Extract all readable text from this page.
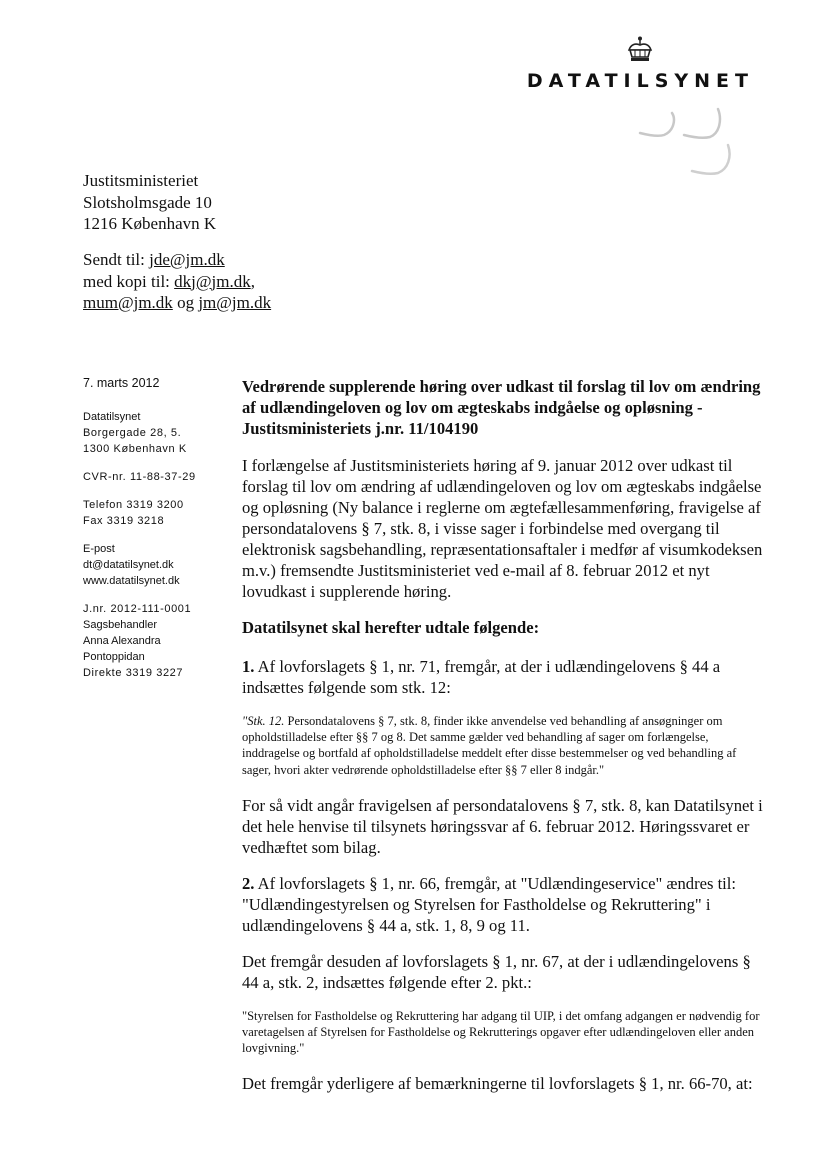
DATATILSYNET
Justitsministeriet
Slotsholmsgade 10
1216 København K
Sendt til: jde@jm.dk
med kopi til: dkj@jm.dk,
mum@jm.dk og jm@jm.dk
7. marts 2012
Datatilsynet
Borgergade 28, 5.
1300 København K
CVR-nr. 11-88-37-29
Telefon 3319 3200
Fax 3319 3218
E-post
dt@datatilsynet.dk
www.datatilsynet.dk
J.nr. 2012-111-0001
Sagsbehandler
Anna Alexandra
Pontoppidan
Direkte 3319 3227

Vedrørende supplerende høring over udkast til forslag til lov om ændring af udlændingeloven og lov om ægteskabs indgåelse og opløsning - Justitsministeriets j.nr. 11/104190

I forlængelse af Justitsministeriets høring af 9. januar 2012 over udkast til forslag til lov om ændring af udlændingeloven og lov om ægteskabs indgåelse og opløsning (Ny balance i reglerne om ægtefællesammenføring, fravigelse af persondatalovens § 7, stk. 8, i visse sager i forbindelse med overgang til elektronisk sagsbehandling, repræsentationsaftaler i medfør af visumkodeksen m.v.) fremsendte Justitsministeriet ved e-mail af 8. februar 2012 et nyt lovudkast i supplerende høring.

Datatilsynet skal herefter udtale følgende:

1. Af lovforslagets § 1, nr. 71, fremgår, at der i udlændingelovens § 44 a indsættes følgende som stk. 12:

"Stk. 12. Persondatalovens § 7, stk. 8, finder ikke anvendelse ved behandling af ansøgninger om opholdstilladelse efter §§ 7 og 8. Det samme gælder ved behandling af sager om forlængelse, inddragelse og bortfald af opholdstilladelse meddelt efter disse bestemmelser og ved behandling af sager, hvori akter vedrørende opholdstilladelse efter §§ 7 eller 8 indgår."

For så vidt angår fravigelsen af persondatalovens § 7, stk. 8, kan Datatilsynet i det hele henvise til tilsynets høringssvar af 6. februar 2012. Høringssvaret er vedhæftet som bilag.

2. Af lovforslagets § 1, nr. 66, fremgår, at "Udlændingeservice" ændres til: "Udlændingestyrelsen og Styrelsen for Fastholdelse og Rekruttering" i udlændingelovens § 44 a, stk. 1, 8, 9 og 11.

Det fremgår desuden af lovforslagets § 1, nr. 67, at der i udlændingelovens § 44 a, stk. 2, indsættes følgende efter 2. pkt.:

"Styrelsen for Fastholdelse og Rekruttering har adgang til UIP, i det omfang adgangen er nødvendig for varetagelsen af Styrelsen for Fastholdelse og Rekrutterings opgaver efter udlændingeloven eller anden lovgivning."

Det fremgår yderligere af bemærkningerne til lovforslagets § 1, nr. 66-70, at:
